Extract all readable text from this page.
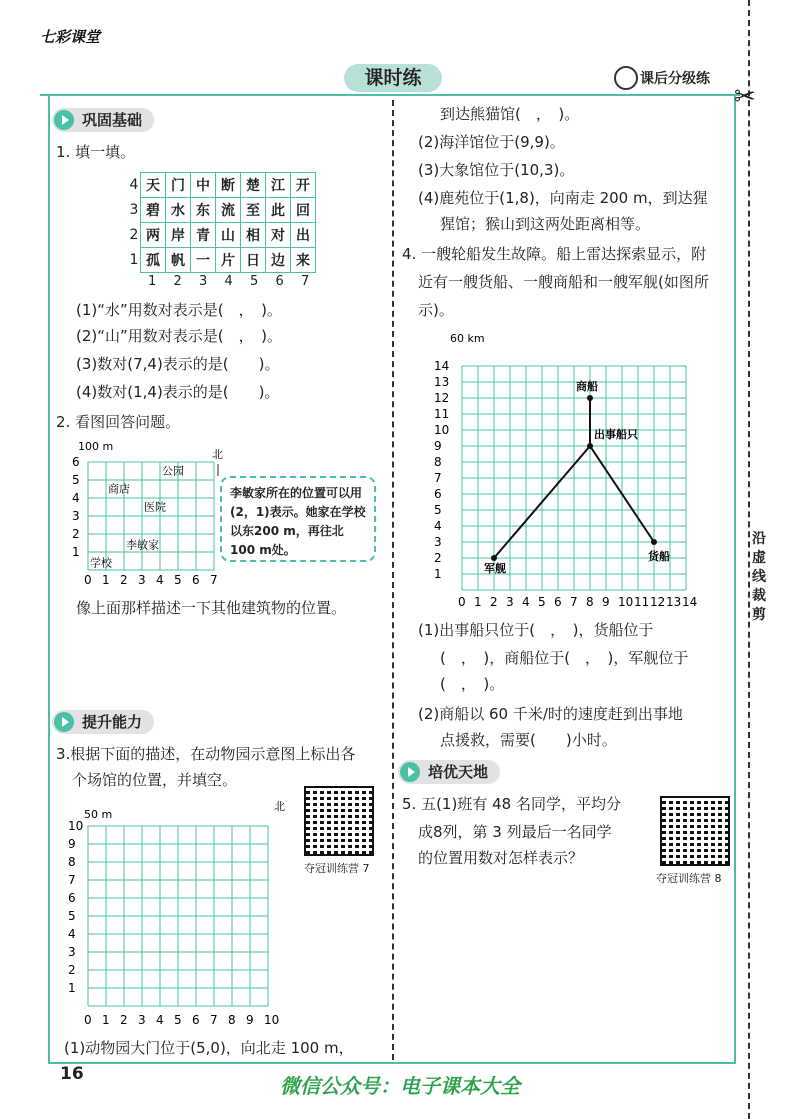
七彩课堂
课时练	课后分级练
✂
沿虚线裁剪
巩固基础
1. 填一填。
4	天	门	中	断	楚	江	开
3	碧	水	东	流	至	此	回
2	两	岸	青	山	相	对	出
1	孤	帆	一	片	日	边	来
1 2 3 4 5 6 7
(1)“水”用数对表示是(　，　)。
(2)“山”用数对表示是(　，　)。
(3)数对(7,4)表示的是(　　)。
(4)数对(1,4)表示的是(　　)。
2. 看图回答问题。
0 1 2 3 4 5 6 7
6
5
4
3
2
1
100 m
北
公园
商店
医院
李敏家
学校
李敏家所在的位置可以用(2，1)表示。她家在学校以东200 m，再往北100 m处。
像上面那样描述一下其他建筑物的位置。
提升能力
3.根据下面的描述，在动物园示意图上标出各
个场馆的位置，并填空。
夺冠训练营 7
0 1 2 3 4 5 6 7 8 9 10
10
9
8
7
6
5
4
3
2
1
50 m
北
(1)动物园大门位于(5,0)，向北走 100 m，
到达熊猫馆(　，　)。
(2)海洋馆位于(9,9)。
(3)大象馆位于(10,3)。
(4)鹿苑位于(1,8)，向南走 200 m，到达猩
猩馆；猴山到这两处距离相等。
4. 一艘轮船发生故障。船上雷达探索显示，附
近有一艘货船、一艘商船和一艘军舰(如图所
示)。
0 1 2 3 4 5 6 7 8 9 10 11 12 13 14
14
13
12
11
10
9
8
7
6
5
4
3
2
1
60 km
商船
出事船只
货船
军舰
(1)出事船只位于(　，　)，货船位于
(　，　)，商船位于(　，　)，军舰位于
(　，　)。
(2)商船以 60 千米/时的速度赶到出事地
点援救，需要(　　)小时。
培优天地
5. 五(1)班有 48 名同学，平均分
成8列，第 3 列最后一名同学
的位置用数对怎样表示？
夺冠训练营 8
16	微信公众号：电子课本大全
